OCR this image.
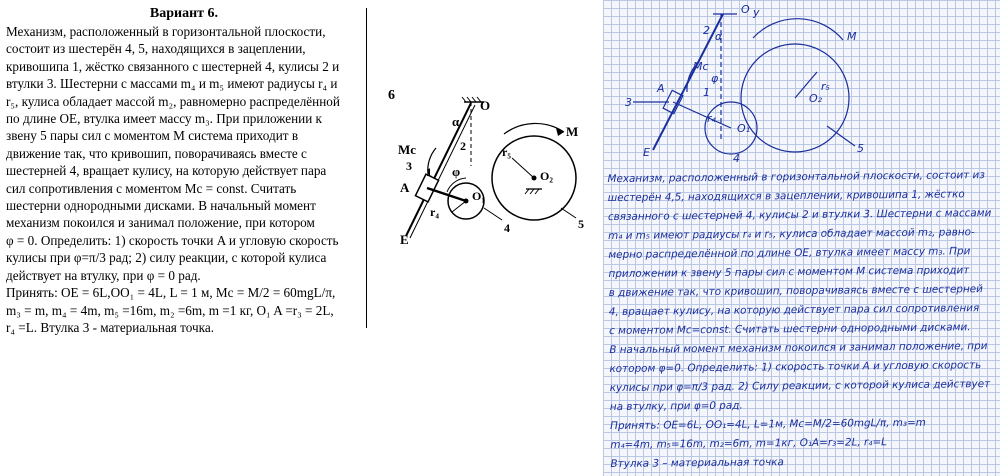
Вариант 6.

Механизм, расположенный в горизонтальной плоскости,

состоит из шестерён 4, 5, находящихся в зацеплении,

кривошипа 1, жёстко связанного с шестерней 4, кулисы 2 и

втулки 3. Шестерни с массами m₄ и m₅ имеют радиусы r₄ и

r₅, кулиса обладает массой m₂, равномерно распределённой

по длине OE, втулка имеет массу m₃. При приложении к

звену 5 пары сил с моментом M система приходит в

движение так, что кривошип, поворачиваясь вместе с

шестерней 4, вращает кулису, на которую действует пара

сил сопротивления с моментом Mc = const. Считать

шестерни однородными дисками. В начальный момент

механизм покоился и занимал положение, при котором

φ = 0. Определить: 1) скорость точки A и угловую скорость

кулисы при φ=π/3 рад; 2) силу реакции, с которой кулиса

действует на втулку, при φ = 0 рад.

Принять: OE = 6L,OO₁ = 4L, L = 1 м, Mc = M/2 = 60mgL/π,

m₃ = m, m₄ = 4m, m₅ =16m, m₂ =6m, m =1 кг, O₁ A =r₃ = 2L,

r₄ =L. Втулка 3 - материальная точка.

6
O
α
2
Mc
3
A
1 φ
O₁
r₄
E
4
M
r₅
O₂
5
O
α
y
2
Mc
1
A
3
φ
r₄
O₁
4
M
r₅
O₂
5
E

Механизм, расположенный в горизонтальной плоскости, состоит из

шестерён 4,5, находящихся в зацеплении, кривошипа 1, жёстко

связанного с шестерней 4, кулисы 2 и втулки 3. Шестерни с массами

m₄ и m₅ имеют радиусы r₄ и r₅, кулиса обладает массой m₂, равно-

мерно распределённой по длине OE, втулка имеет массу m₃. При

приложении к звену 5 пары сил с моментом M система приходит

в движение так, что кривошип, поворачиваясь вместе с шестерней

4, вращает кулису, на которую действует пара сил сопротивления

с моментом Mc=const. Считать шестерни однородными дисками.

В начальный момент механизм покоился и занимал положение, при

котором φ=0. Определить: 1) скорость точки A и угловую скорость

кулисы при φ=π/3 рад. 2) Силу реакции, с которой кулиса действует

на втулку, при φ=0 рад.

Принять: OE=6L, OO₁=4L, L=1м, Mc=M/2=60mgL/π, m₃=m

m₄=4m, m₅=16m, m₂=6m, m=1кг, O₁A=r₃=2L, r₄=L

Втулка 3 – материальная точка
